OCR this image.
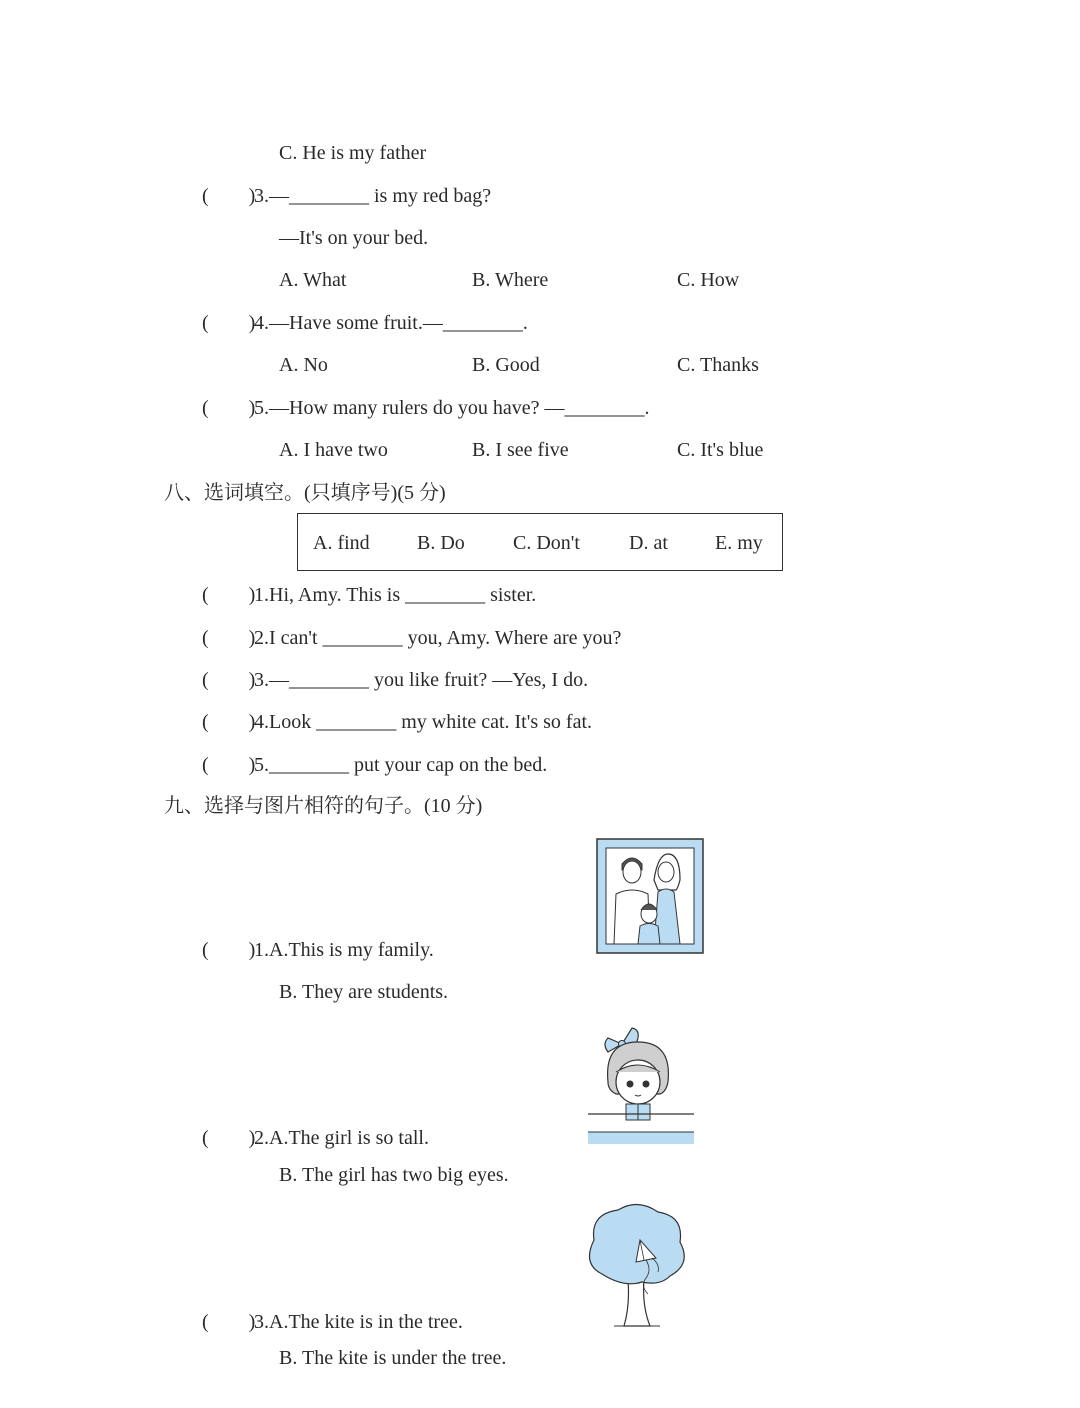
C. He is my father
(        )
3.—________ is my red bag?
—It's on your bed.
A. What	B. Where	C. How
(        )
4.—Have some fruit.—________.
A. No	B. Good	C. Thanks
(        )
5.—How many rulers do you have? —________.
A. I have two	B. I see five	C. It's blue
八、选词填空。(只填序号)(5 分)
A. find B. Do C. Don't D. at E. my
(        )
1.Hi, Amy. This is ________ sister.
(        )
2.I can't ________ you, Amy. Where are you?
(        )
3.—________ you like fruit? —Yes, I do.
(        )
4.Look ________ my white cat. It's so fat.
(        )
5.________ put your cap on the bed.
九、选择与图片相符的句子。(10 分)
(        )
1.A.This is my family.
B. They are students.
(        )
2.A.The girl is so tall.
B. The girl has two big eyes.
(        )
3.A.The kite is in the tree.
B. The kite is under the tree.
